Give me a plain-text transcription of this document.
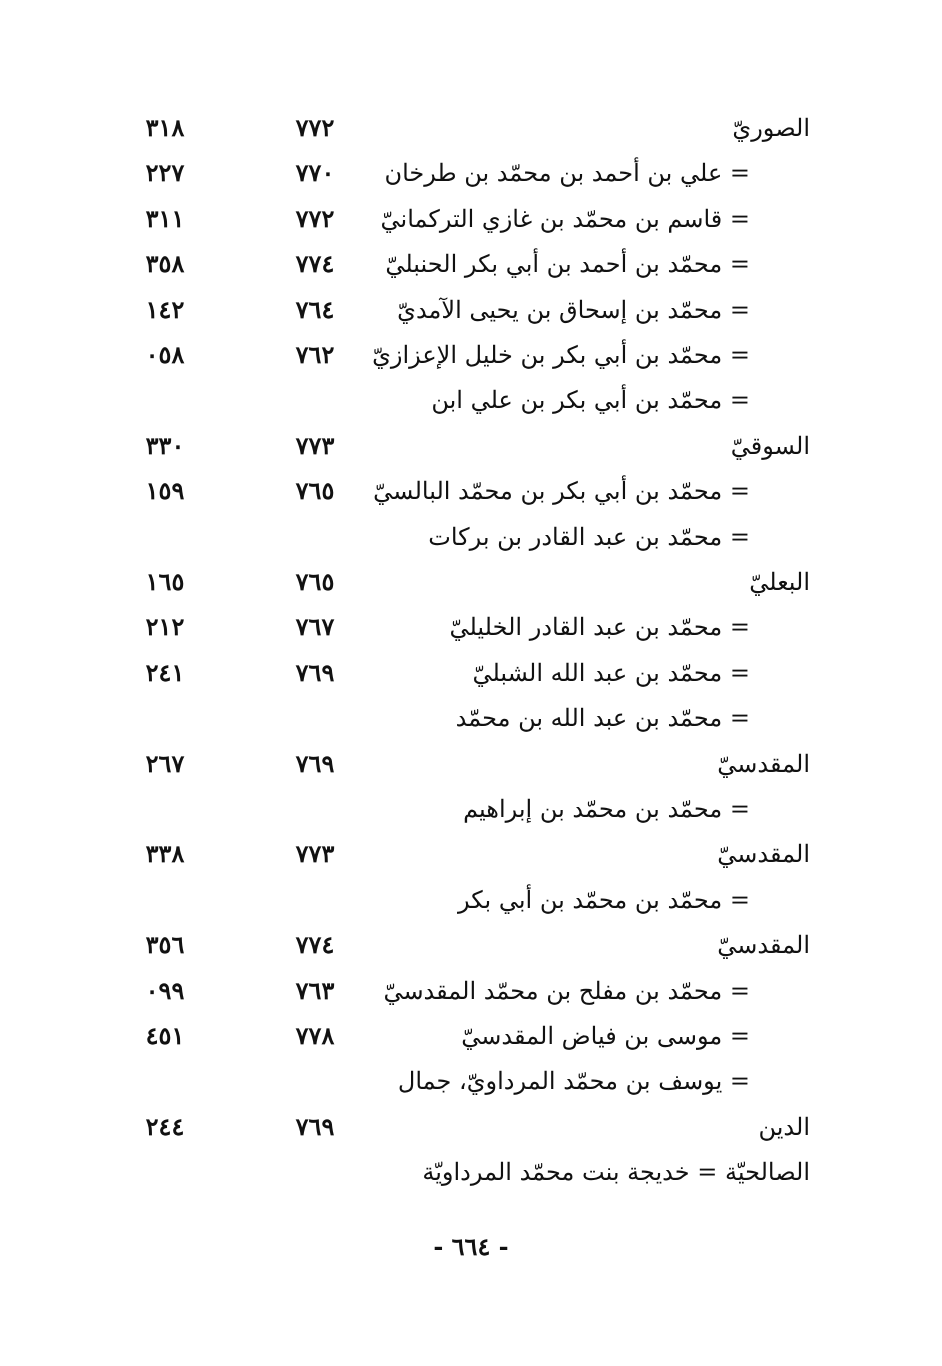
الصوريّ
٧٧٢
٣١٨
= علي بن أحمد بن محمّد بن طرخان
٧٧٠
٢٢٧
= قاسم بن محمّد بن غازي التركمانيّ
٧٧٢
٣١١
= محمّد بن أحمد بن أبي بكر الحنبليّ
٧٧٤
٣٥٨
= محمّد بن إسحاق بن يحيى الآمديّ
٧٦٤
١٤٢
= محمّد بن أبي بكر بن خليل الإعزازيّ
٧٦٢
٠٥٨
= محمّد بن أبي بكر بن علي ابن
السوقيّ
٧٧٣
٣٣٠
= محمّد بن أبي بكر بن محمّد البالسيّ
٧٦٥
١٥٩
= محمّد بن عبد القادر بن بركات
البعليّ
٧٦٥
١٦٥
= محمّد بن عبد القادر الخليليّ
٧٦٧
٢١٢
= محمّد بن عبد الله الشبليّ
٧٦٩
٢٤١
= محمّد بن عبد الله بن محمّد
المقدسيّ
٧٦٩
٢٦٧
= محمّد بن محمّد بن إبراهيم
المقدسيّ
٧٧٣
٣٣٨
= محمّد بن محمّد بن أبي بكر
المقدسيّ
٧٧٤
٣٥٦
= محمّد بن مفلح بن محمّد المقدسيّ
٧٦٣
٠٩٩
= موسى بن فياض المقدسيّ
٧٧٨
٤٥١
= يوسف بن محمّد المرداويّ، جمال
الدين
٧٦٩
٢٤٤
الصالحيّة = خديجة بنت محمّد المرداويّة
- ٦٦٤ -
